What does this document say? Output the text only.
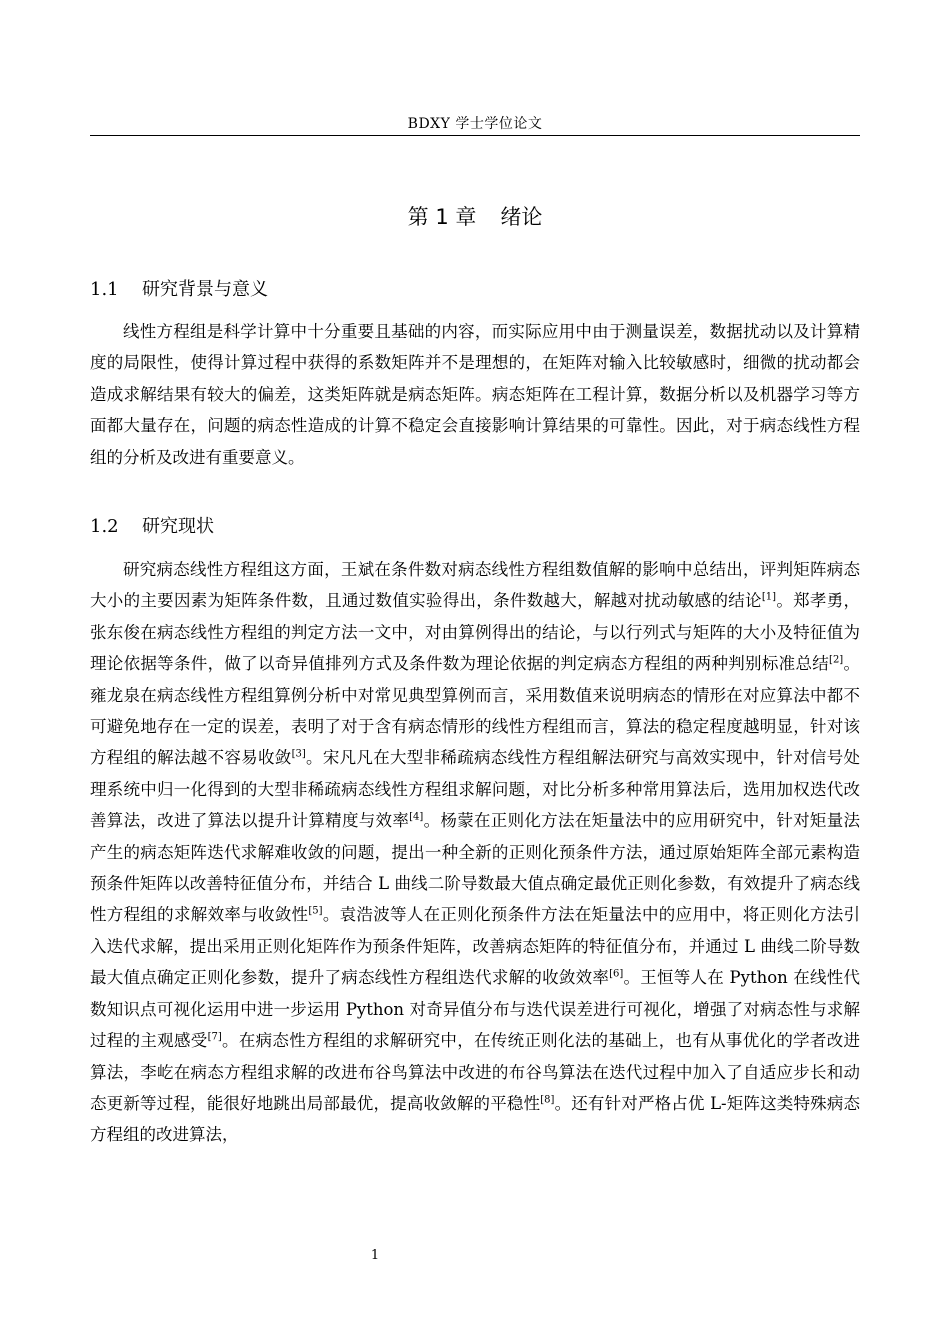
BDXY 学士学位论文
第 1 章 绪论
1.1 研究背景与意义

线性方程组是科学计算中十分重要且基础的内容，而实际应用中由于测量误差，数据扰动以及计算精度的局限性，使得计算过程中获得的系数矩阵并不是理想的，在矩阵对输入比较敏感时，细微的扰动都会造成求解结果有较大的偏差，这类矩阵就是病态矩阵。病态矩阵在工程计算，数据分析以及机器学习等方面都大量存在，问题的病态性造成的计算不稳定会直接影响计算结果的可靠性。因此，对于病态线性方程组的分析及改进有重要意义。

1.2 研究现状

研究病态线性方程组这方面，王斌在条件数对病态线性方程组数值解的影响中总结出，评判矩阵病态大小的主要因素为矩阵条件数，且通过数值实验得出，条件数越大，解越对扰动敏感的结论[1]。郑孝勇，张东俊在病态线性方程组的判定方法一文中，对由算例得出的结论，与以行列式与矩阵的大小及特征值为理论依据等条件，做了以奇异值排列方式及条件数为理论依据的判定病态方程组的两种判别标准总结[2]。雍龙泉在病态线性方程组算例分析中对常见典型算例而言，采用数值来说明病态的情形在对应算法中都不可避免地存在一定的误差，表明了对于含有病态情形的线性方程组而言，算法的稳定程度越明显，针对该方程组的解法越不容易收敛[3]。宋凡凡在大型非稀疏病态线性方程组解法研究与高效实现中，针对信号处理系统中归一化得到的大型非稀疏病态线性方程组求解问题，对比分析多种常用算法后，选用加权迭代改善算法，改进了算法以提升计算精度与效率[4]。杨蒙在正则化方法在矩量法中的应用研究中，针对矩量法产生的病态矩阵迭代求解难收敛的问题，提出一种全新的正则化预条件方法，通过原始矩阵全部元素构造预条件矩阵以改善特征值分布，并结合 L 曲线二阶导数最大值点确定最优正则化参数，有效提升了病态线性方程组的求解效率与收敛性[5]。袁浩波等人在正则化预条件方法在矩量法中的应用中，将正则化方法引入迭代求解，提出采用正则化矩阵作为预条件矩阵，改善病态矩阵的特征值分布，并通过 L 曲线二阶导数最大值点确定正则化参数，提升了病态线性方程组迭代求解的收敛效率[6]。王恒等人在 Python 在线性代数知识点可视化运用中进一步运用 Python 对奇异值分布与迭代误差进行可视化，增强了对病态性与求解过程的主观感受[7]。在病态性方程组的求解研究中，在传统正则化法的基础上，也有从事优化的学者改进算法，李屹在病态方程组求解的改进布谷鸟算法中改进的布谷鸟算法在迭代过程中加入了自适应步长和动态更新等过程，能很好地跳出局部最优，提高收敛解的平稳性[8]。还有针对严格占优 L-矩阵这类特殊病态方程组的改进算法，

1
